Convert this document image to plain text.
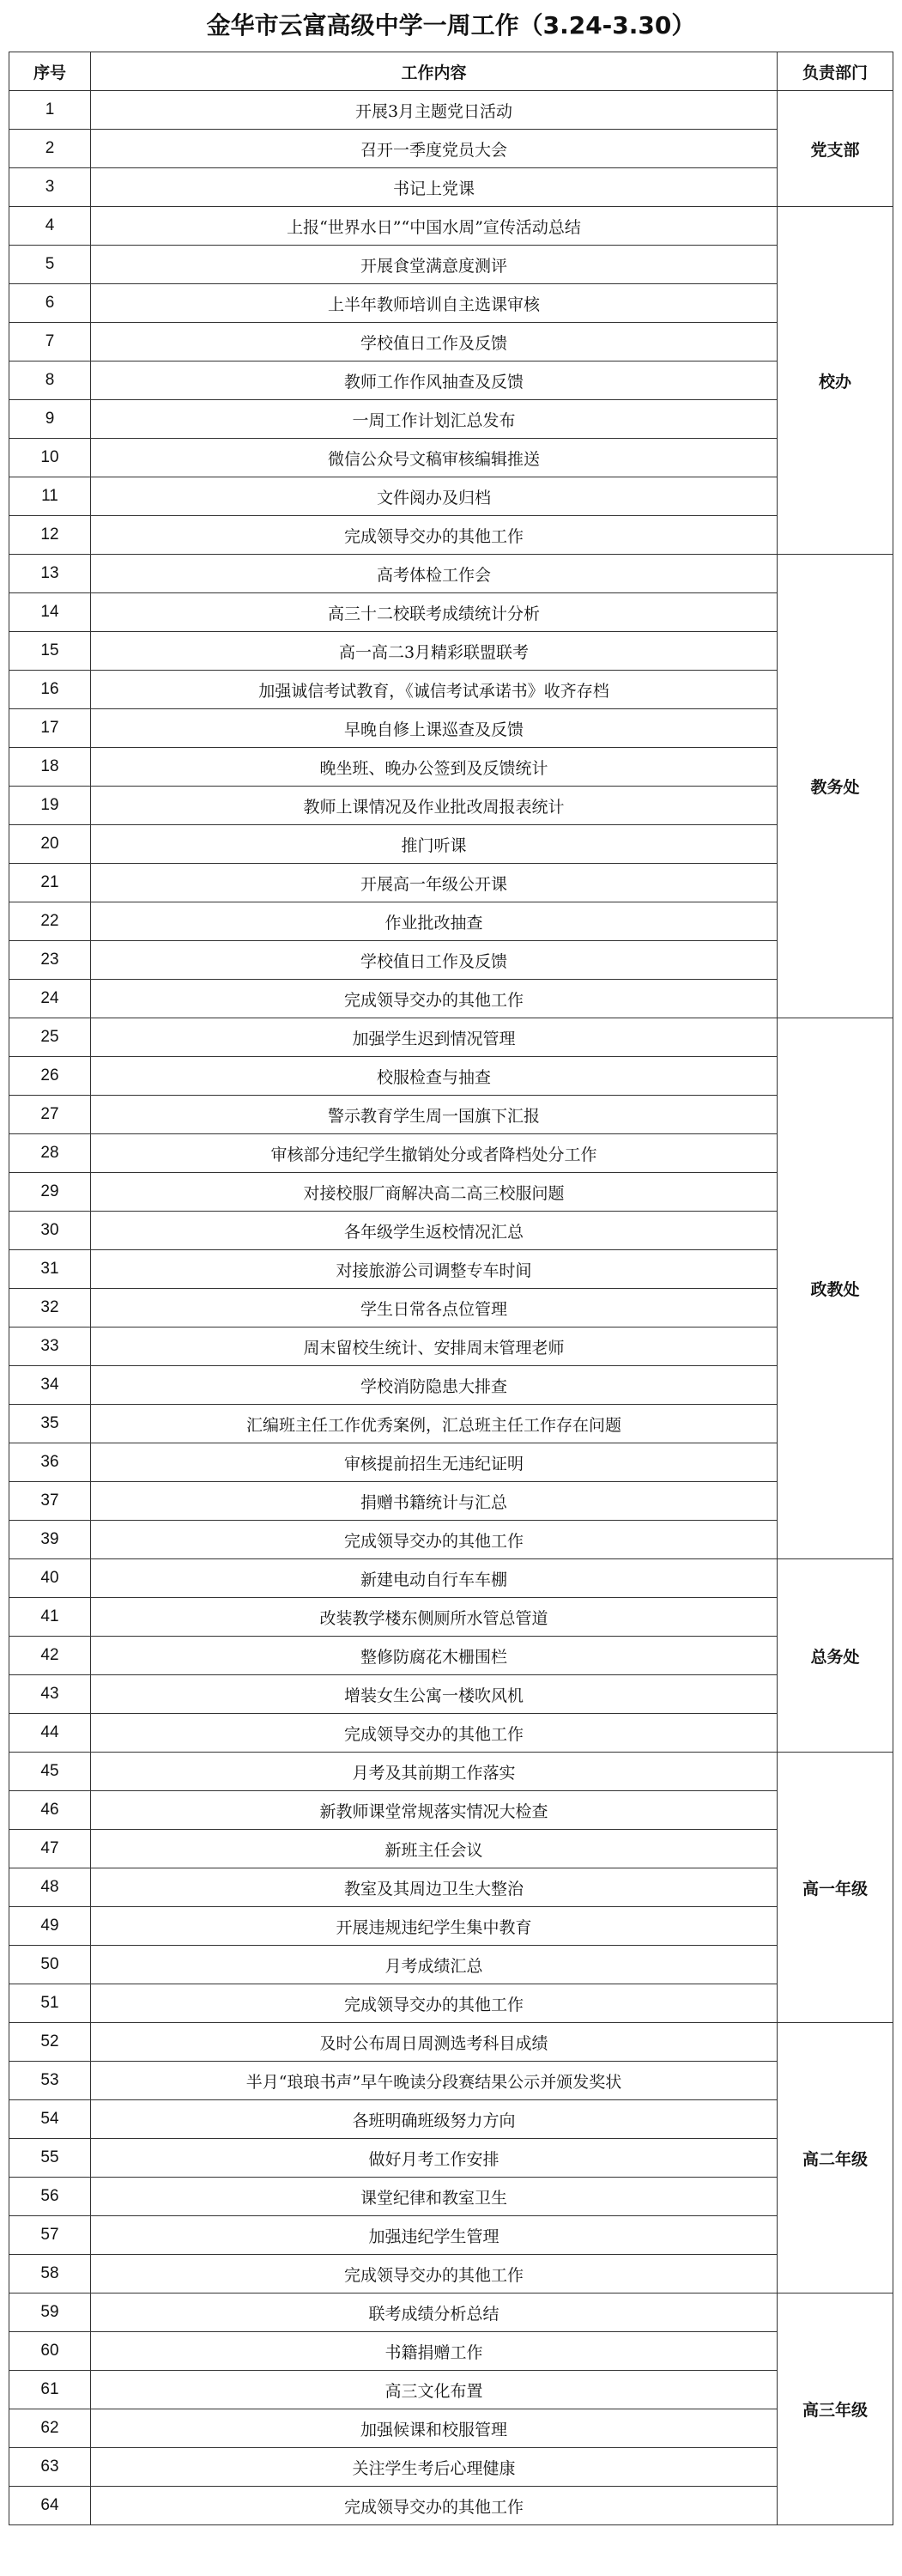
金华市云富高级中学一周工作（3.24-3.30）
序号	工作内容	负责部门
1	开展3月主题党日活动	党支部
2	召开一季度党员大会	
3	书记上党课	
4	上报“世界水日”“中国水周”宣传活动总结	校办
5	开展食堂满意度测评	
6	上半年教师培训自主选课审核	
7	学校值日工作及反馈	
8	教师工作作风抽查及反馈	
9	一周工作计划汇总发布	
10	微信公众号文稿审核编辑推送	
11	文件阅办及归档	
12	完成领导交办的其他工作	
13	高考体检工作会	教务处
14	高三十二校联考成绩统计分析	
15	高一高二3月精彩联盟联考	
16	加强诚信考试教育，《诚信考试承诺书》收齐存档	
17	早晚自修上课巡查及反馈	
18	晚坐班、晚办公签到及反馈统计	
19	教师上课情况及作业批改周报表统计	
20	推门听课	
21	开展高一年级公开课	
22	作业批改抽查	
23	学校值日工作及反馈	
24	完成领导交办的其他工作	
25	加强学生迟到情况管理	政教处
26	校服检查与抽查	
27	警示教育学生周一国旗下汇报	
28	审核部分违纪学生撤销处分或者降档处分工作	
29	对接校服厂商解决高二高三校服问题	
30	各年级学生返校情况汇总	
31	对接旅游公司调整专车时间	
32	学生日常各点位管理	
33	周末留校生统计、安排周末管理老师	
34	学校消防隐患大排查	
35	汇编班主任工作优秀案例，汇总班主任工作存在问题	
36	审核提前招生无违纪证明	
37	捐赠书籍统计与汇总	
39	完成领导交办的其他工作	
40	新建电动自行车车棚	总务处
41	改装教学楼东侧厕所水管总管道	
42	整修防腐花木栅围栏	
43	增装女生公寓一楼吹风机	
44	完成领导交办的其他工作	
45	月考及其前期工作落实	高一年级
46	新教师课堂常规落实情况大检查	
47	新班主任会议	
48	教室及其周边卫生大整治	
49	开展违规违纪学生集中教育	
50	月考成绩汇总	
51	完成领导交办的其他工作	
52	及时公布周日周测选考科目成绩	高二年级
53	半月“琅琅书声”早午晚读分段赛结果公示并颁发奖状	
54	各班明确班级努力方向	
55	做好月考工作安排	
56	课堂纪律和教室卫生	
57	加强违纪学生管理	
58	完成领导交办的其他工作	
59	联考成绩分析总结	高三年级
60	书籍捐赠工作	
61	高三文化布置	
62	加强候课和校服管理	
63	关注学生考后心理健康	
64	完成领导交办的其他工作	
